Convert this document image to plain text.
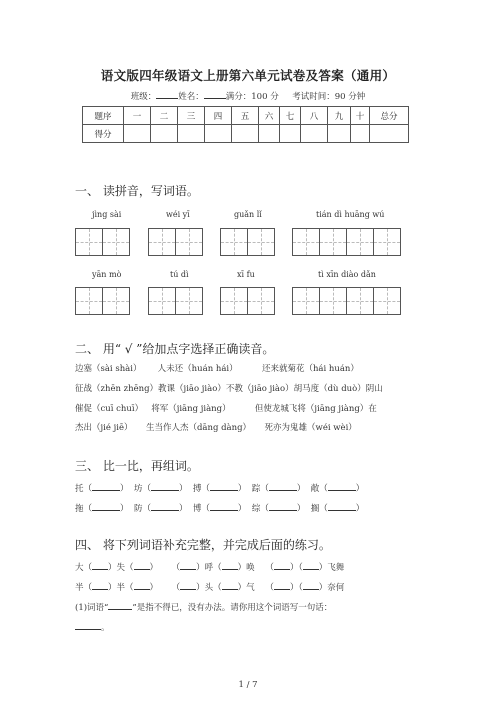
语文版四年级语文上册第六单元试卷及答案（通用）
班级：	姓名：	满分：100 分 考试时间：90 分钟
题序	一	二	三	四	五	六	七	八	九	十	总分
得分											
一、 读拼音，写词语。
jìng sài	wéi yī	guǎn lǐ	tián dì huāng wú
yān mò	tú dì	xī fu	tì xīn diào dǎn
二、 用“ √ ”给加点字选择正确读音。
边塞（sài shài）      人未还（huán hái）         还来就菊花（hái huán）
征战（zhēn zhēng）教课（jiāo jiào）不教（jiāo jiào）胡马度（dù duò）阴山
催促（cuī chuī）   将军（jiāng jiàng）         但使龙城飞将（jiāng jiàng）在
杰出（jié jiē）     生当作人杰（dāng dàng）     死亦为鬼雄（wéi wèi）
三、 比一比，再组词。
托（	）  坊（	）  搏（	）  踪（	）  敞（	）
拖（	）  防（	）  博（	）  综（	）  搁（	）
四、 将下列词语补充完整，并完成后面的练习。
大（ ）失（ ） （ ）呼（ ）唤 （ ）（ ）飞舞
半（ ）半（ ） （ ）头（ ）气 （ ）（ ）奈何
(1)词语“	”是指不得已，没有办法。请你用这个词语写一句话：
。
1 / 7
